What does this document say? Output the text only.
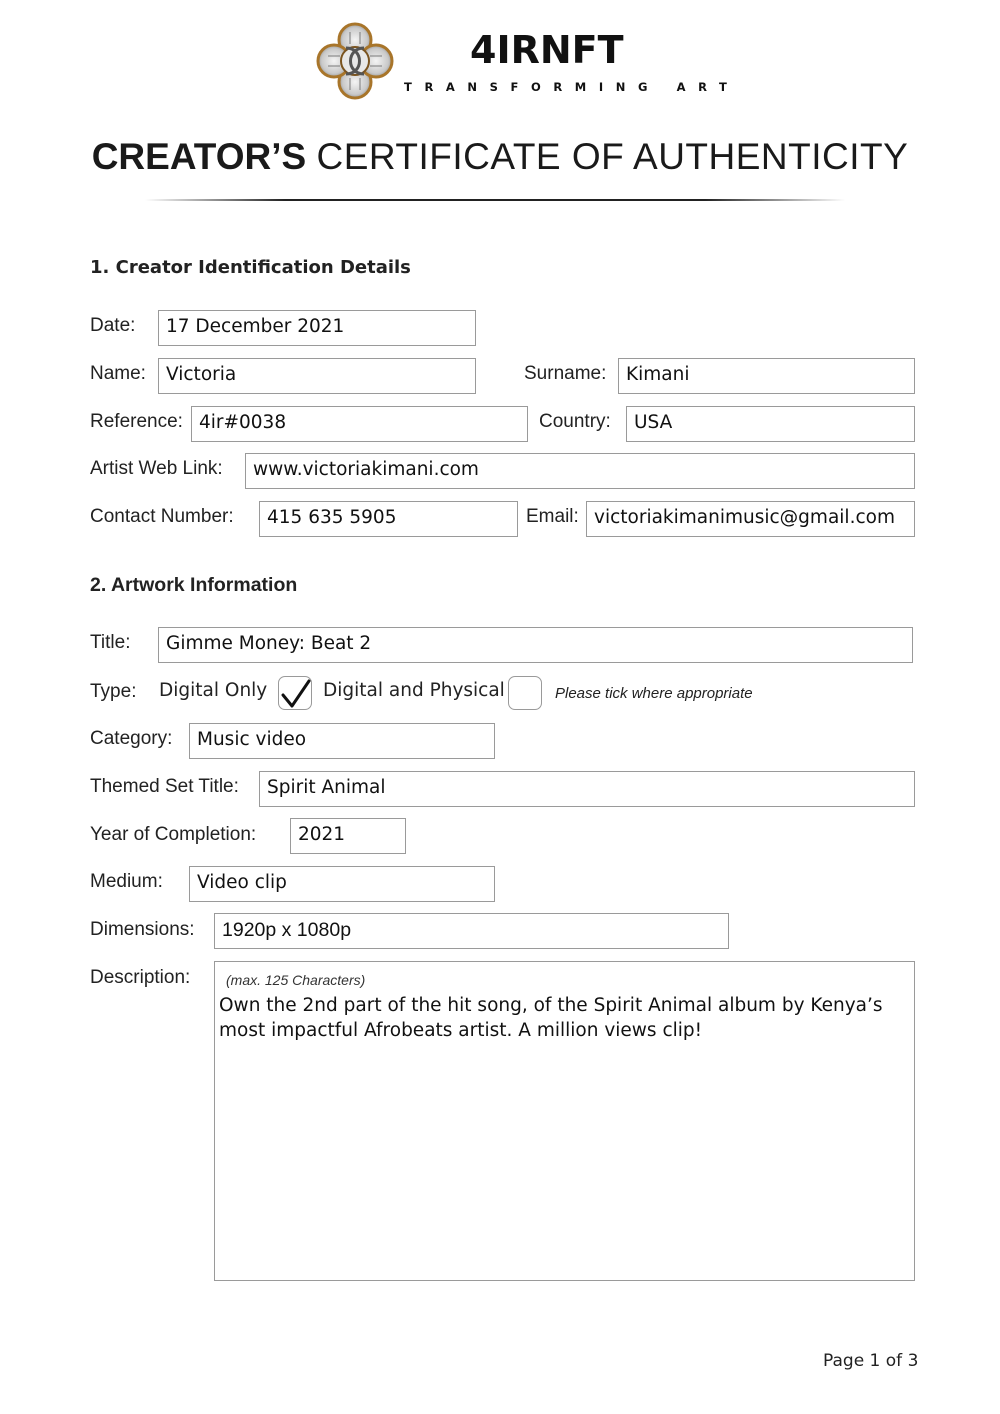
4IRNFT
TRANSFORMING ART
CREATOR’S CERTIFICATE OF AUTHENTICITY
1. Creator Identification Details
Date:	17 December 2021
Name:	Victoria	Surname:	Kimani
Reference: 4ir#0038	Country:	USA
Artist Web Link:	www.victoriakimani.com
Contact Number:	415 635 5905	Email: victoriakimanimusic@gmail.com
2. Artwork Information
Title:	Gimme Money: Beat 2
Type: Digital Only	Digital and Physical	Please tick where appropriate
Category:	Music video
Themed Set Title:	Spirit Animal
Year of Completion:	2021
Medium:	Video clip
Dimensions:	1920p x 1080p
Description:	(max. 125 Characters)
Own the 2nd part of the hit song, of the Spirit Animal album by Kenya’s most impactful Afrobeats artist. A million views clip!
Page 1 of 3
